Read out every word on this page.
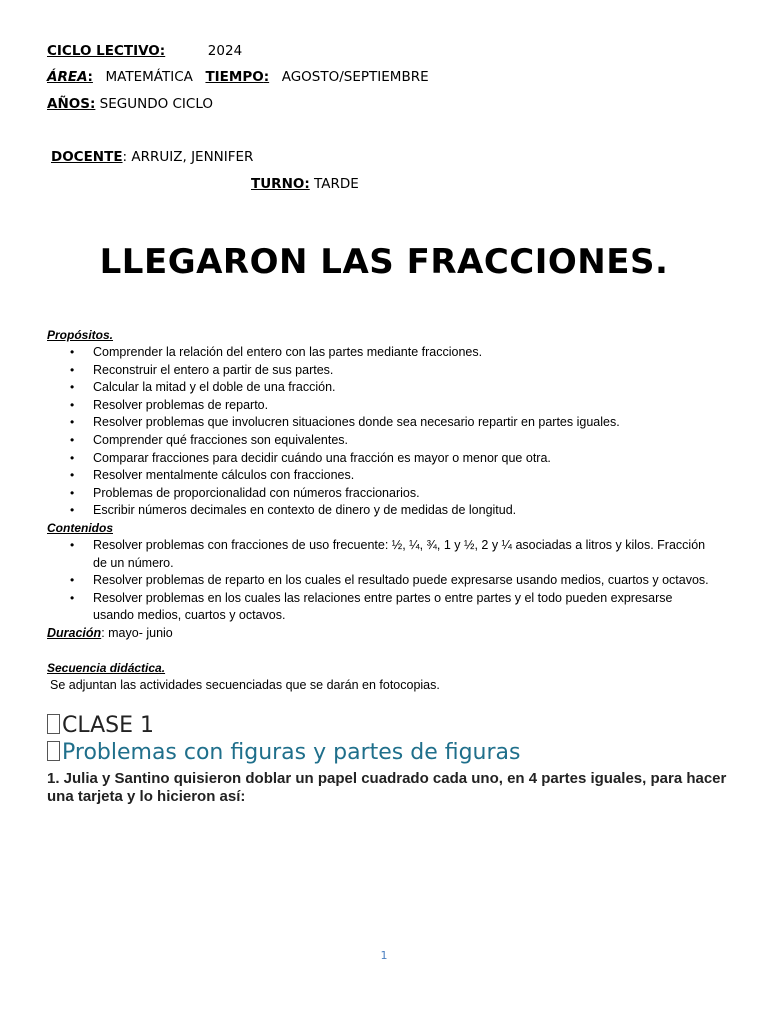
CICLO LECTIVO:	2024
ÁREA: MATEMÁTICA TIEMPO: AGOSTO/SEPTIEMBRE
AÑOS: SEGUNDO CICLO
DOCENTE: ARRUIZ, JENNIFER
TURNO: TARDE
LLEGARON LAS FRACCIONES.
Propósitos.
• Comprender la relación del entero con las partes mediante fracciones.
• Reconstruir el entero a partir de sus partes.
• Calcular la mitad y el doble de una fracción.
• Resolver problemas de reparto.
• Resolver problemas que involucren situaciones donde sea necesario repartir en partes iguales.
• Comprender qué fracciones son equivalentes.
• Comparar fracciones para decidir cuándo una fracción es mayor o menor que otra.
• Resolver mentalmente cálculos con fracciones.
• Problemas de proporcionalidad con números fraccionarios.
• Escribir números decimales en contexto de dinero y de medidas de longitud.
Contenidos
• Resolver problemas con fracciones de uso frecuente: ½, ¼, ¾, 1 y ½, 2 y ¼ asociadas a litros y kilos. Fracción de un número.
• Resolver problemas de reparto en los cuales el resultado puede expresarse usando medios, cuartos y octavos.
• Resolver problemas en los cuales las relaciones entre partes o entre partes y el todo pueden expresarse usando medios, cuartos y octavos.
Duración: mayo- junio
Secuencia didáctica.
Se adjuntan las actividades secuenciadas que se darán en fotocopias.
CLASE 1
Problemas con figuras y partes de figuras
1. Julia y Santino quisieron doblar un papel cuadrado cada uno, en 4 partes iguales, para hacer una tarjeta y lo hicieron así:
1
